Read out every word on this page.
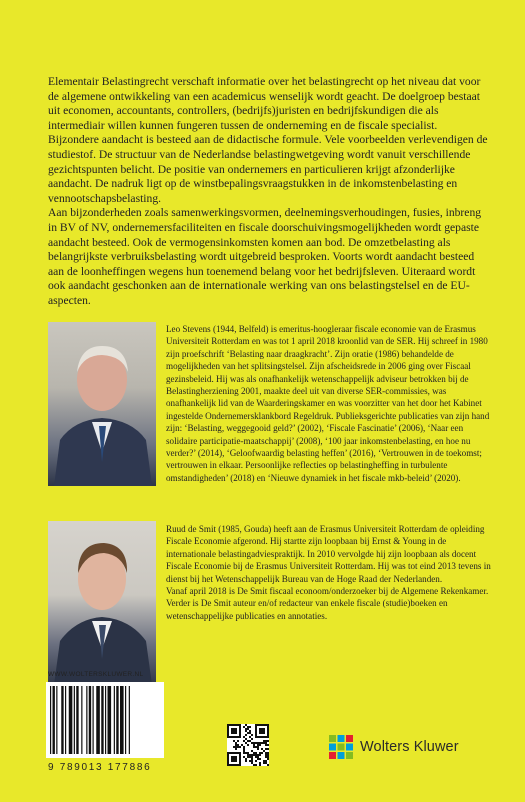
Elementair Belastingrecht verschaft informatie over het belastingrecht op het niveau dat voor de algemene ontwikkeling van een academicus wenselijk wordt geacht. De doelgroep bestaat uit economen, accountants, controllers, (bedrijfs)juristen en bedrijfskundigen die als intermediair willen kunnen fungeren tussen de onderneming en de fiscale specialist.

Bijzondere aandacht is besteed aan de didactische formule. Vele voorbeelden verlevendigen de studiestof. De structuur van de Nederlandse belastingwetgeving wordt vanuit verschillende gezichtspunten belicht. De positie van ondernemers en particulieren krijgt afzonderlijke aandacht. De nadruk ligt op de winstbepalingsvraagstukken in de inkomstenbelasting en vennootschapsbelasting.

Aan bijzonderheden zoals samenwerkingsvormen, deelnemingsverhoudingen, fusies, inbreng in BV of NV, ondernemersfaciliteiten en fiscale doorschuivingsmogelijkheden wordt gepaste aandacht besteed. Ook de vermogensinkomsten komen aan bod. De omzetbelasting als belangrijkste verbruiksbelasting wordt uitgebreid besproken. Voorts wordt aandacht besteed aan de loonheffingen wegens hun toenemend belang voor het bedrijfsleven. Uiteraard wordt ook aandacht geschonken aan de internationale werking van ons belastingstelsel en de EU-aspecten.

Leo Stevens (1944, Belfeld) is emeritus-hoogleraar fiscale economie van de Erasmus Universiteit Rotterdam en was tot 1 april 2018 kroonlid van de SER. Hij schreef in 1980 zijn proefschrift ‘Belasting naar draagkracht’. Zijn oratie (1986) behandelde de mogelijkheden van het splitsingstelsel. Zijn afscheidsrede in 2006 ging over Fiscaal gezinsbeleid. Hij was als onafhankelijk wetenschappelijk adviseur betrokken bij de Belastingherziening 2001, maakte deel uit van diverse SER-commissies, was onafhankelijk lid van de Waarderingskamer en was voorzitter van het door het Kabinet ingestelde Ondernemersklankbord Regeldruk. Publieksgerichte publicaties van zijn hand zijn: ‘Belasting, weggegooid geld?’ (2002), ‘Fiscale Fascinatie’ (2006), ‘Naar een solidaire participatie-maatschappij’ (2008), ‘100 jaar inkomstenbelasting, en hoe nu verder?’ (2014), ‘Geloofwaardig belasting heffen’ (2016), ‘Vertrouwen in de toekomst; vertrouwen in elkaar. Persoonlijke reflecties op belastingheffing in turbulente omstandigheden’ (2018) en ‘Nieuwe dynamiek in het fiscale mkb-beleid’ (2020).

Ruud de Smit (1985, Gouda) heeft aan de Erasmus Universiteit Rotterdam de opleiding Fiscale Economie afgerond. Hij startte zijn loopbaan bij Ernst & Young in de internationale belastingadviespraktijk. In 2010 vervolgde hij zijn loopbaan als docent Fiscale Economie bij de Erasmus Universiteit Rotterdam. Hij was tot eind 2013 tevens in dienst bij het Wetenschappelijk Bureau van de Hoge Raad der Nederlanden.

Vanaf april 2018 is De Smit fiscaal econoom/onderzoeker bij de Algemene Rekenkamer. Verder is De Smit auteur en/of redacteur van enkele fiscale (studie)boeken en wetenschappelijke publicaties en annotaties.

WWW.WOLTERSKLUWER.NL
9 789013 177886
Wolters Kluwer
